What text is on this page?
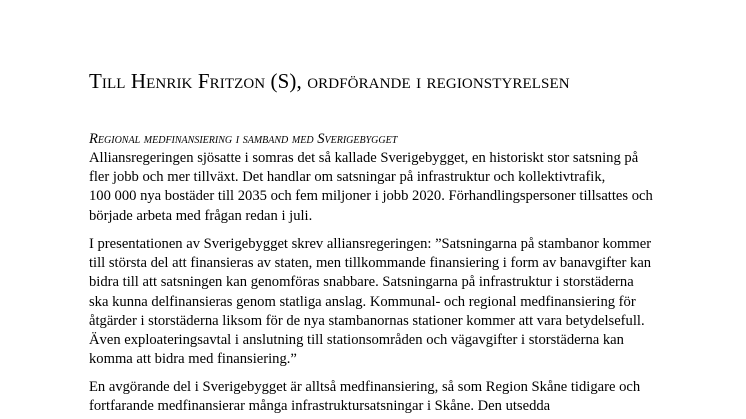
Till Henrik Fritzon (S), ordförande i regionstyrelsen
Regional medfinansiering i samband med Sverigebygget
Alliansregeringen sjösatte i somras det så kallade Sverigebygget, en historiskt stor satsning på
fler jobb och mer tillväxt. Det handlar om satsningar på infrastruktur och kollektivtrafik,
100 000 nya bostäder till 2035 och fem miljoner i jobb 2020. Förhandlingspersoner tillsattes och
började arbeta med frågan redan i juli.
I presentationen av Sverigebygget skrev alliansregeringen: ”Satsningarna på stambanor kommer
till största del att finansieras av staten, men tillkommande finansiering i form av banavgifter kan
bidra till att satsningen kan genomföras snabbare. Satsningarna på infrastruktur i storstäderna
ska kunna delfinansieras genom statliga anslag. Kommunal- och regional medfinansiering för
åtgärder i storstäderna liksom för de nya stambanornas stationer kommer att vara betydelsefull.
Även exploateringsavtal i anslutning till stationsområden och vägavgifter i storstäderna kan
komma att bidra med finansiering.”
En avgörande del i Sverigebygget är alltså medfinansiering, så som Region Skåne tidigare och
fortfarande medfinansierar många infrastruktursatsningar i Skåne. Den utsedda
